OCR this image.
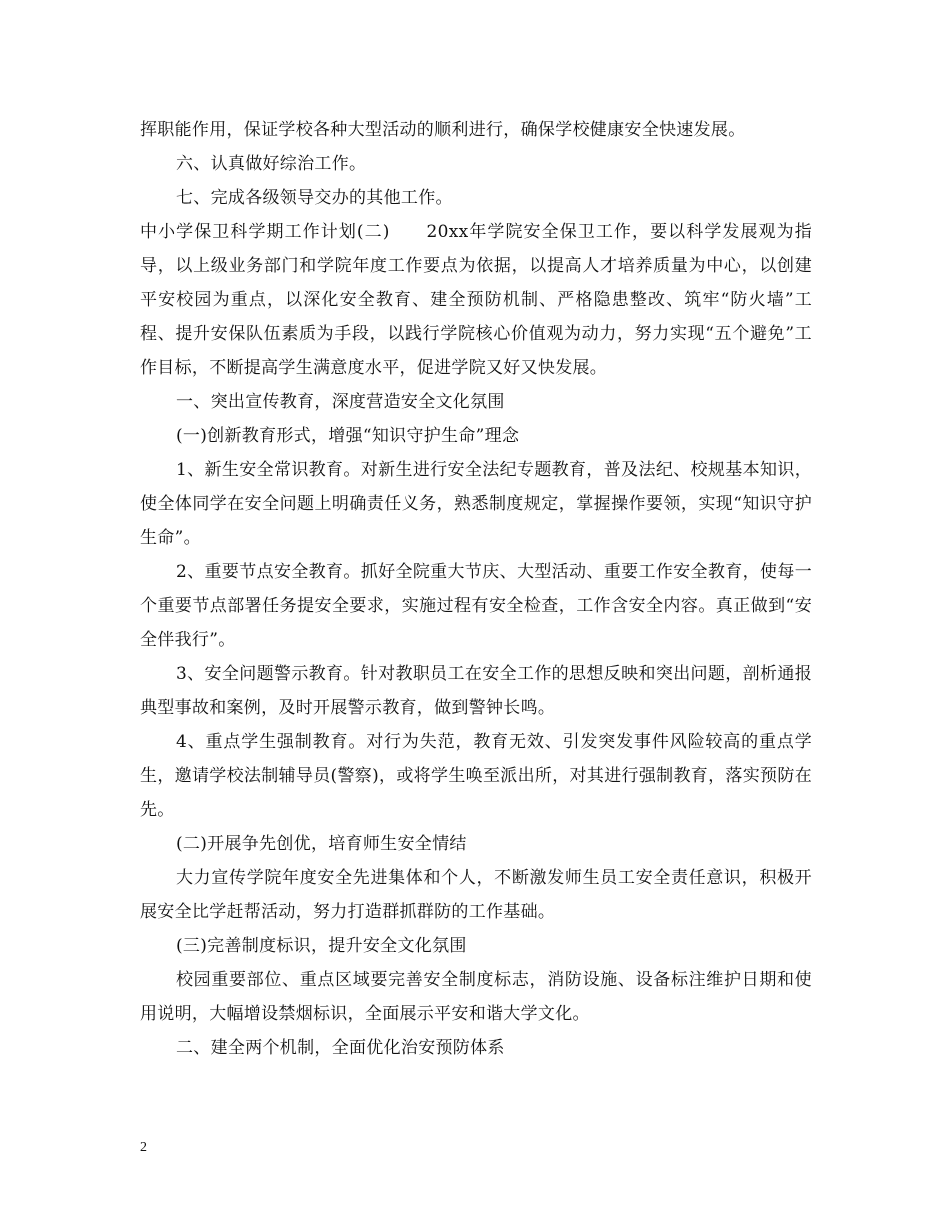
挥职能作用，保证学校各种大型活动的顺利进行，确保学校健康安全快速发展。

六、认真做好综治工作。

七、完成各级领导交办的其他工作。

中小学保卫科学期工作计划(二)　　20xx年学院安全保卫工作，要以科学发展观为指导，以上级业务部门和学院年度工作要点为依据，以提高人才培养质量为中心，以创建平安校园为重点，以深化安全教育、建全预防机制、严格隐患整改、筑牢“防火墙”工程、提升安保队伍素质为手段，以践行学院核心价值观为动力，努力实现“五个避免”工作目标，不断提高学生满意度水平，促进学院又好又快发展。

一、突出宣传教育，深度营造安全文化氛围

(一)创新教育形式，增强“知识守护生命”理念

1、新生安全常识教育。对新生进行安全法纪专题教育，普及法纪、校规基本知识，使全体同学在安全问题上明确责任义务，熟悉制度规定，掌握操作要领，实现“知识守护生命”。

2、重要节点安全教育。抓好全院重大节庆、大型活动、重要工作安全教育，使每一个重要节点部署任务提安全要求，实施过程有安全检查，工作含安全内容。真正做到“安全伴我行”。

3、安全问题警示教育。针对教职员工在安全工作的思想反映和突出问题，剖析通报典型事故和案例，及时开展警示教育，做到警钟长鸣。

4、重点学生强制教育。对行为失范，教育无效、引发突发事件风险较高的重点学生，邀请学校法制辅导员(警察)，或将学生唤至派出所，对其进行强制教育，落实预防在先。

(二)开展争先创优，培育师生安全情结

大力宣传学院年度安全先进集体和个人，不断激发师生员工安全责任意识，积极开展安全比学赶帮活动，努力打造群抓群防的工作基础。

(三)完善制度标识，提升安全文化氛围

校园重要部位、重点区域要完善安全制度标志，消防设施、设备标注维护日期和使用说明，大幅增设禁烟标识，全面展示平安和谐大学文化。

二、建全两个机制，全面优化治安预防体系

2
